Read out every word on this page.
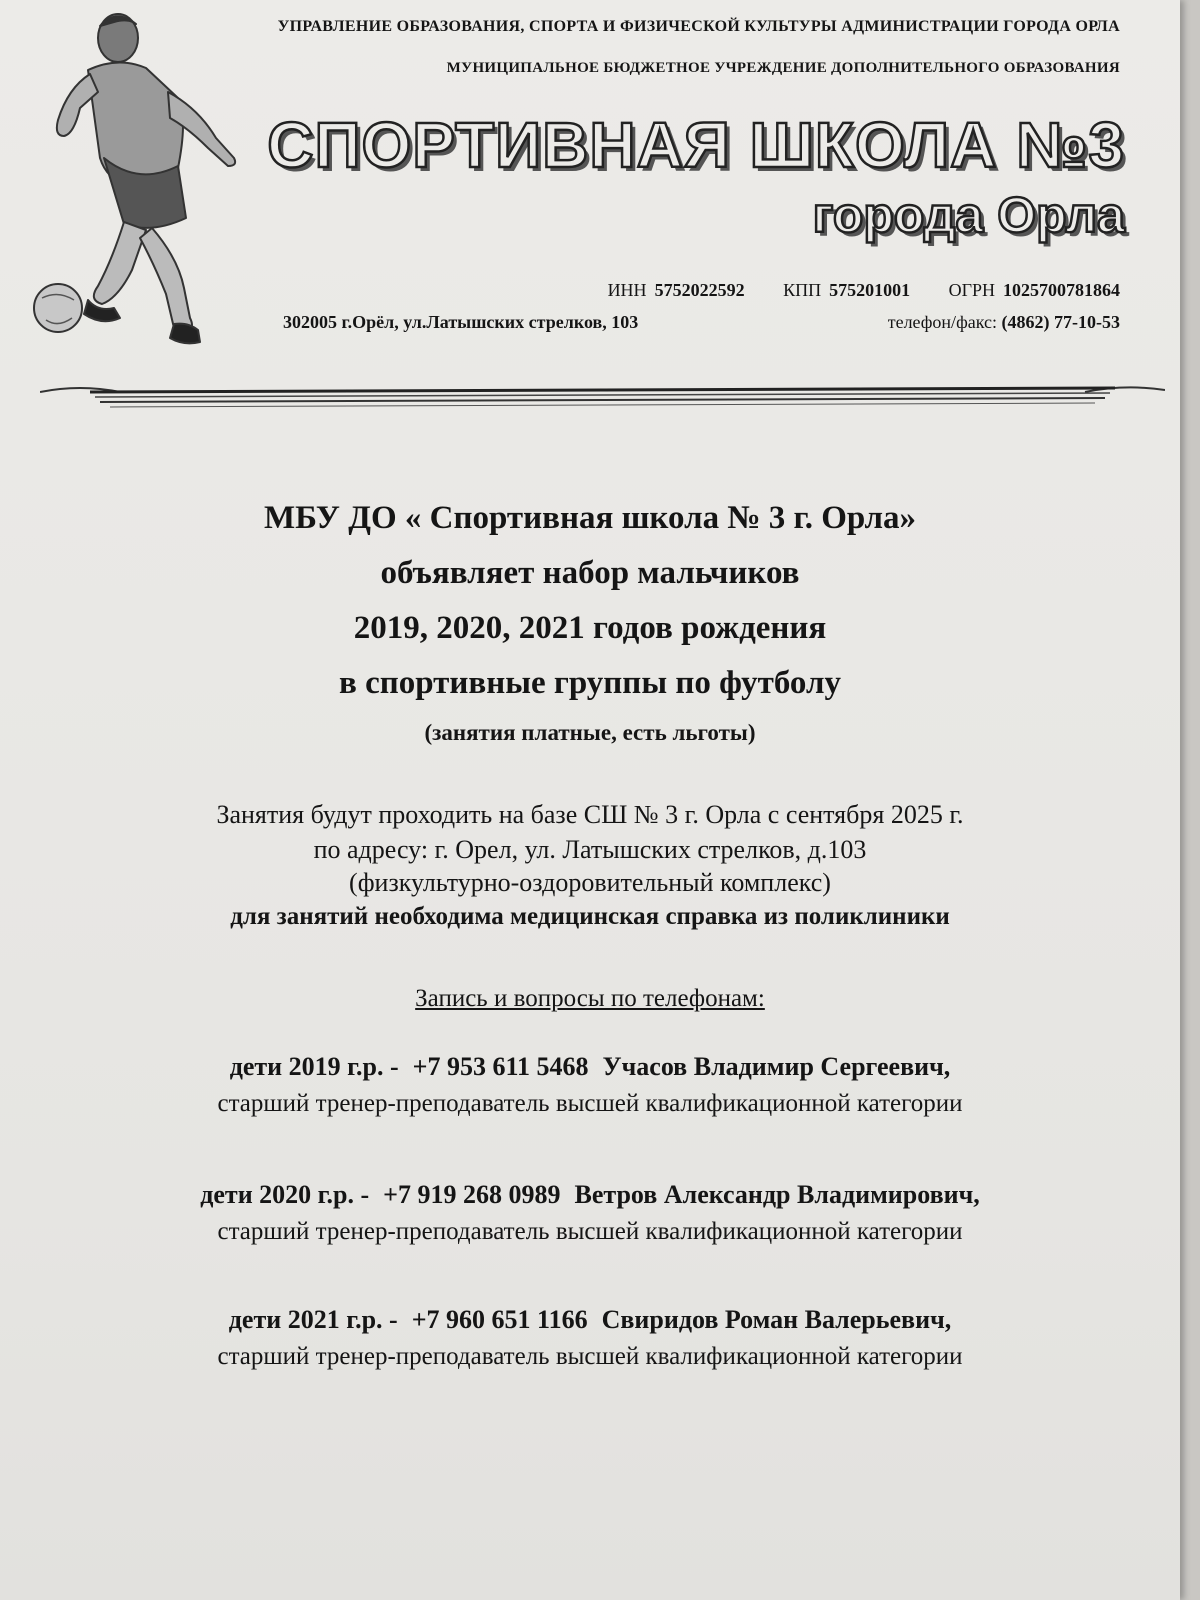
УПРАВЛЕНИЕ ОБРАЗОВАНИЯ, СПОРТА И ФИЗИЧЕСКОЙ КУЛЬТУРЫ АДМИНИСТРАЦИИ ГОРОДА ОРЛА
МУНИЦИПАЛЬНОЕ БЮДЖЕТНОЕ УЧРЕЖДЕНИЕ ДОПОЛНИТЕЛЬНОГО ОБРАЗОВАНИЯ
СПОРТИВНАЯ ШКОЛА №3
города Орла
ИНН 5752022592 КПП 575201001 ОГРН 1025700781864
302005 г.Орёл, ул.Латышских стрелков, 103	телефон/факс: (4862) 77-10-53
МБУ ДО « Спортивная школа № 3 г. Орла»
объявляет набор мальчиков
2019, 2020, 2021 годов рождения
в спортивные группы по футболу
(занятия платные, есть льготы)
Занятия будут проходить на базе СШ № 3 г. Орла с сентября 2025 г.
по адресу: г. Орел, ул. Латышских стрелков, д.103
(физкультурно-оздоровительный комплекс)
для занятий необходима медицинская справка из поликлиники
Запись и вопросы по телефонам:
дети 2019 г.р. - +7 953 611 5468 Учасов Владимир Сергеевич,
старший тренер-преподаватель высшей квалификационной категории
дети 2020 г.р. - +7 919 268 0989 Ветров Александр Владимирович,
старший тренер-преподаватель высшей квалификационной категории
дети 2021 г.р. - +7 960 651 1166 Свиридов Роман Валерьевич,
старший тренер-преподаватель высшей квалификационной категории
